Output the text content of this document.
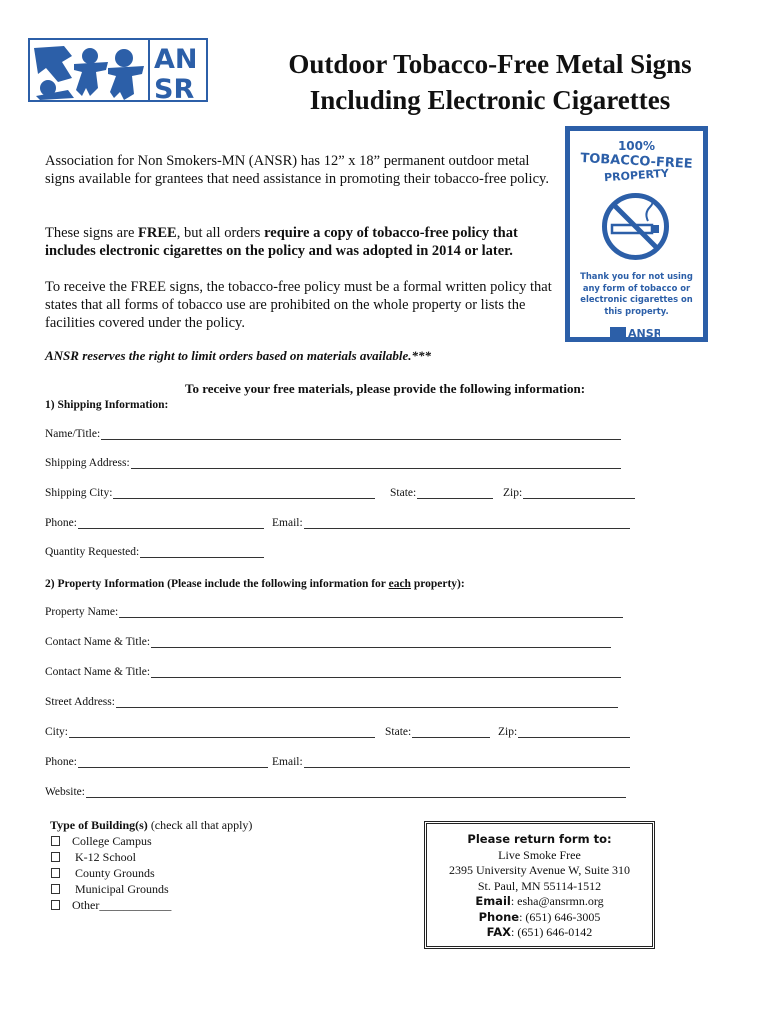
AN
SR
Outdoor Tobacco-Free Metal Signs
Including Electronic Cigarettes
100%
TOBACCO-FREE
PROPERTY
Thank you for not using any form of tobacco or electronic cigarettes on this property.
ANSR
Association for Non Smokers-MN (ANSR) has 12” x 18” permanent outdoor metal signs available for grantees that need assistance in promoting their tobacco-free policy.
These signs are FREE, but all orders require a copy of tobacco-free policy that includes electronic cigarettes on the policy and was adopted in 2014 or later.
To receive the FREE signs, the tobacco-free policy must be a formal written policy that states that all forms of tobacco use are prohibited on the whole property or lists the facilities covered under the policy.
ANSR reserves the right to limit orders based on materials available.***
To receive your free materials, please provide the following information:
1) Shipping Information:
Name/Title:
Shipping Address:
Shipping City:	State:	Zip:
Phone:	Email:
Quantity Requested:
2) Property Information (Please include the following information for each property):
Property Name:
Contact Name & Title:
Contact Name & Title:
Street Address:
City:	State:	Zip:
Phone:	Email:
Website:
Type of Building(s) (check all that apply)
College Campus
K-12 School
County Grounds
Municipal Grounds
Other____________
Please return form to:
Live Smoke Free
2395 University Avenue W, Suite 310
St. Paul, MN 55114-1512
Email: esha@ansrmn.org
Phone: (651) 646-3005
FAX: (651) 646-0142
